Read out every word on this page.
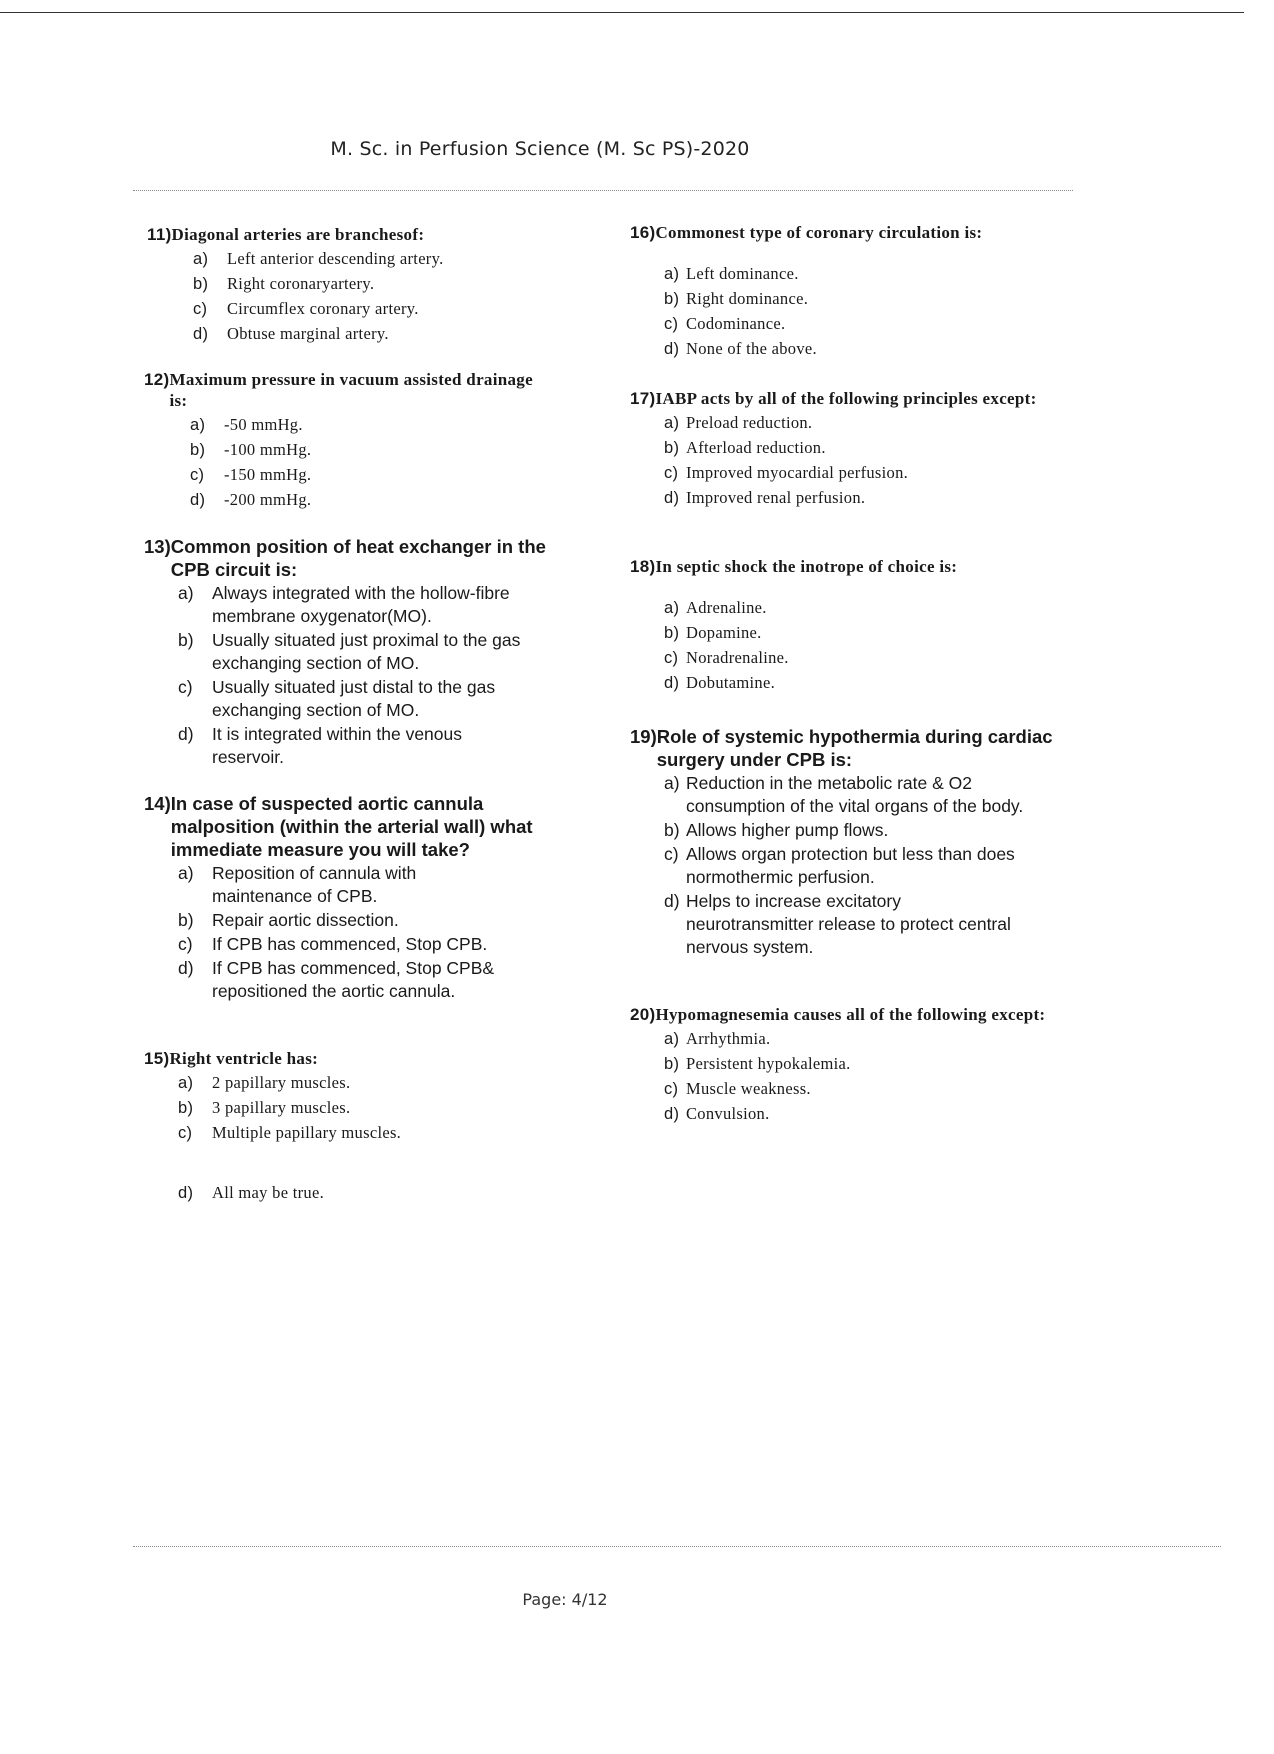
M. Sc. in Perfusion Science (M. Sc PS)-2020
11) Diagonal arteries are branchesof:
a)	Left anterior descending artery.
b)	Right coronaryartery.
c)	Circumflex coronary artery.
d)	Obtuse marginal artery.
12) Maximum pressure in vacuum assisted drainage is:
a)	-50 mmHg.
b)	-100 mmHg.
c)	-150 mmHg.
d)	-200 mmHg.
13) Common position of heat exchanger in the CPB circuit is:
a)	Always integrated with the hollow-fibre membrane oxygenator(MO).
b)	Usually situated just proximal to the gas exchanging section of MO.
c)	Usually situated just distal to the gas exchanging section of MO.
d)	It is integrated within the venous reservoir.
14) In case of suspected aortic cannula malposition (within the arterial wall) what immediate measure you will take?
a)	Reposition of cannula with maintenance of CPB.
b)	Repair aortic dissection.
c)	If CPB has commenced, Stop CPB.
d)	If CPB has commenced, Stop CPB& repositioned the aortic cannula.
15) Right ventricle has:
a)	2 papillary muscles.
b)	3 papillary muscles.
c)	Multiple papillary muscles.
d)	All may be true.
16) Commonest type of coronary circulation is:
a) Left dominance.
b) Right dominance.
c) Codominance.
d) None of the above.
17) IABP acts by all of the following principles except:
a) Preload reduction.
b) Afterload reduction.
c) Improved myocardial perfusion.
d) Improved renal perfusion.
18) In septic shock the inotrope of choice is:
a) Adrenaline.
b) Dopamine.
c) Noradrenaline.
d) Dobutamine.
19) Role of systemic hypothermia during cardiac surgery under CPB is:
a) Reduction in the metabolic rate & O2 consumption of the vital organs of the body.
b) Allows higher pump flows.
c) Allows organ protection but less than does normothermic perfusion.
d) Helps to increase excitatory neurotransmitter release to protect central nervous system.
20) Hypomagnesemia causes all of the following except:
a) Arrhythmia.
b) Persistent hypokalemia.
c) Muscle weakness.
d) Convulsion.
Page: 4/12
